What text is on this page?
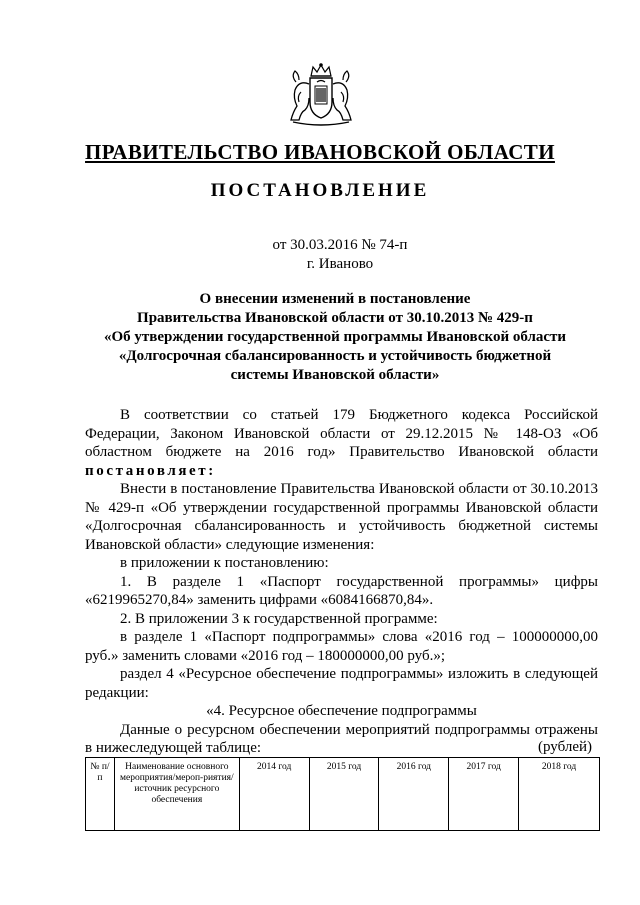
ПРАВИТЕЛЬСТВО ИВАНОВСКОЙ ОБЛАСТИ
ПОСТАНОВЛЕНИЕ
от 30.03.2016 № 74-п
г. Иваново
О внесении изменений в постановление
Правительства Ивановской области от 30.10.2013 № 429-п
«Об утверждении государственной программы Ивановской области
«Долгосрочная сбалансированность и устойчивость бюджетной
системы Ивановской области»

В соответствии со статьей 179 Бюджетного кодекса Российской Федерации, Законом Ивановской области от 29.12.2015 № 148-ОЗ «Об областном бюджете на 2016 год» Правительство Ивановской области постановляет:

Внести в постановление Правительства Ивановской области от 30.10.2013 № 429-п «Об утверждении государственной программы Ивановской области «Долгосрочная сбалансированность и устойчивость бюджетной системы Ивановской области» следующие изменения:

в приложении к постановлению:

1. В разделе 1 «Паспорт государственной программы» цифры «6219965270,84» заменить цифрами «6084166870,84».

2. В приложении 3 к государственной программе:

в разделе 1 «Паспорт подпрограммы» слова «2016 год – 100000000,00 руб.» заменить словами «2016 год – 180000000,00 руб.»;

раздел 4 «Ресурсное обеспечение подпрограммы» изложить в следующей редакции:

«4. Ресурсное обеспечение подпрограммы

Данные о ресурсном обеспечении мероприятий подпрограммы отражены в нижеследующей таблице:	(рублей)
№ п/п	Наименование основного мероприятия/мероп-риятия/источник ресурсного обеспечения	2014 год	2015 год	2016 год	2017 год	2018 год
